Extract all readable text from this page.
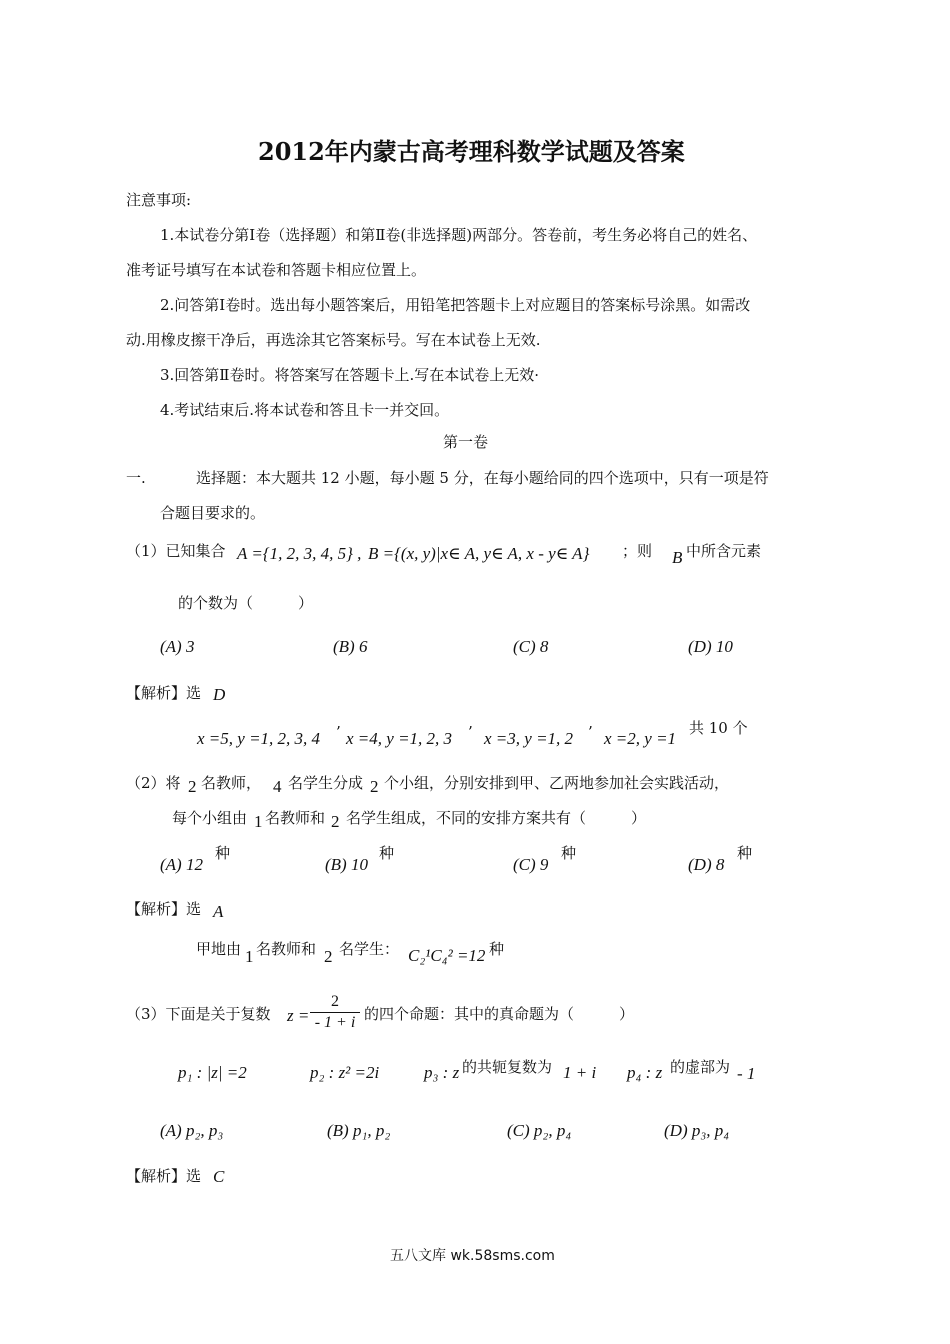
2012年内蒙古高考理科数学试题及答案
注意事项:
1.本试卷分第Ⅰ卷（选择题）和第Ⅱ卷(非选择题)两部分。答卷前，考生务必将自己的姓名、
准考证号填写在本试卷和答题卡相应位置上。
2.问答第Ⅰ卷时。选出每小题答案后，用铅笔把答题卡上对应题目的答案标号涂黑。如需改
动.用橡皮擦干净后，再选涂其它答案标号。写在本试卷上无效.
3.回答第Ⅱ卷时。将答案写在答题卡上.写在本试卷上无效·
4.考试结束后.将本试卷和答且卡一并交回。
第一卷
一.	选择题：本大题共 12 小题，每小题 5 分，在每小题给同的四个选项中，只有一项是符
合题目要求的。
（1）已知集合 A ={1, 2, 3, 4, 5} , B ={(x, y)|x∈ A, y∈ A, x - y∈ A} ；则 B 中所含元素
的个数为（　　　）
(A) 3	(B) 6	(C) 8	(D) 10
【解析】选 D
x =5, y =1, 2, 3, 4 ’ x =4, y =1, 2, 3 ’ x =3, y =1, 2 ’ x =2, y =1
共 10 个
（2）将 2 名教师， 4 名学生分成 2 个小组，分别安排到甲、乙两地参加社会实践活动，
每个小组由 1 名教师和 2 名学生组成，不同的安排方案共有（　　　）
(A) 12
种
(B) 10
种
(C) 9
种
(D) 8
种
【解析】选 A
甲地由 1 名教师和 2 名学生： C₂¹C₄² =12 种
（3）下面是关于复数 z =
2
- 1 + i 的四个命题：其中的真命题为（　　　）
p₁ : |z| =2	p₂ : z² =2i	p₃ : z 的共轭复数为 1 + i p₄ : z 的虚部为 - 1
(A) p₂, p₃	(B) p₁, p₂	(C) p₂, p₄	(D) p₃, p₄
【解析】选 C
五八文库 wk.58sms.com
